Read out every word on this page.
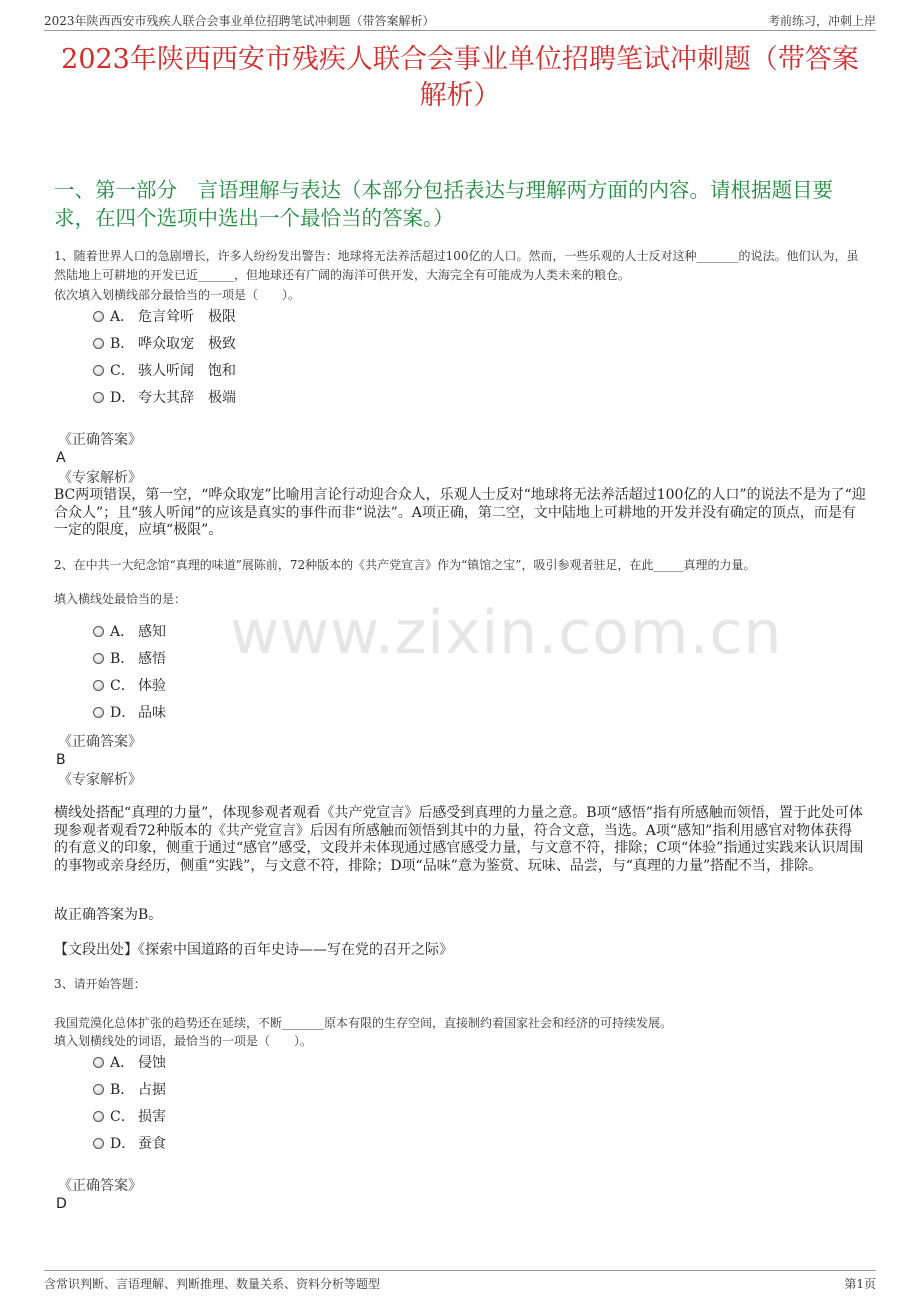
2023年陕西西安市残疾人联合会事业单位招聘笔试冲刺题（带答案解析）	考前练习，冲刺上岸
2023年陕西西安市残疾人联合会事业单位招聘笔试冲刺题（带答案解析）
一、第一部分　言语理解与表达（本部分包括表达与理解两方面的内容。请根据题目要求，在四个选项中选出一个最恰当的答案。）
www.zixin.com.cn
1、随着世界人口的急剧增长，许多人纷纷发出警告：地球将无法养活超过100亿的人口。然而，一些乐观的人士反对这种_______的说法。他们认为，虽然陆地上可耕地的开发已近______，但地球还有广阔的海洋可供开发，大海完全有可能成为人类未来的粮仓。
依次填入划横线部分最恰当的一项是（　　）。
A． 危言耸听　极限
B． 哗众取宠　极致
C． 骇人听闻　饱和
D． 夸大其辞　极端
《正确答案》
A
《专家解析》
BC两项错误，第一空，“哗众取宠”比喻用言论行动迎合众人，乐观人士反对“地球将无法养活超过100亿的人口”的说法不是为了“迎合众人”；且“骇人听闻”的应该是真实的事件而非“说法”。A项正确，第二空，文中陆地上可耕地的开发并没有确定的顶点，而是有一定的限度，应填“极限”。
2、在中共一大纪念馆“真理的味道”展陈前，72种版本的《共产党宣言》作为“镇馆之宝”，吸引参观者驻足，在此_____真理的力量。
填入横线处最恰当的是：
A． 感知
B． 感悟
C． 体验
D． 品味
《正确答案》
B
《专家解析》
横线处搭配“真理的力量”，体现参观者观看《共产党宣言》后感受到真理的力量之意。B项“感悟”指有所感触而领悟，置于此处可体现参观者观看72种版本的《共产党宣言》后因有所感触而领悟到其中的力量，符合文意，当选。A项“感知”指利用感官对物体获得的有意义的印象，侧重于通过“感官”感受，文段并未体现通过感官感受力量，与文意不符，排除；C项“体验”指通过实践来认识周围的事物或亲身经历，侧重“实践”，与文意不符，排除；D项“品味”意为鉴赏、玩味、品尝，与“真理的力量”搭配不当，排除。
故正确答案为B。
【文段出处】《探索中国道路的百年史诗——写在党的召开之际》
3、请开始答题：
我国荒漠化总体扩张的趋势还在延续，不断_______原本有限的生存空间，直接制约着国家社会和经济的可持续发展。
填入划横线处的词语，最恰当的一项是（　　）。
A． 侵蚀
B． 占据
C． 损害
D． 蚕食
《正确答案》
D
含常识判断、言语理解、判断推理、数量关系、资料分析等题型	第1页
